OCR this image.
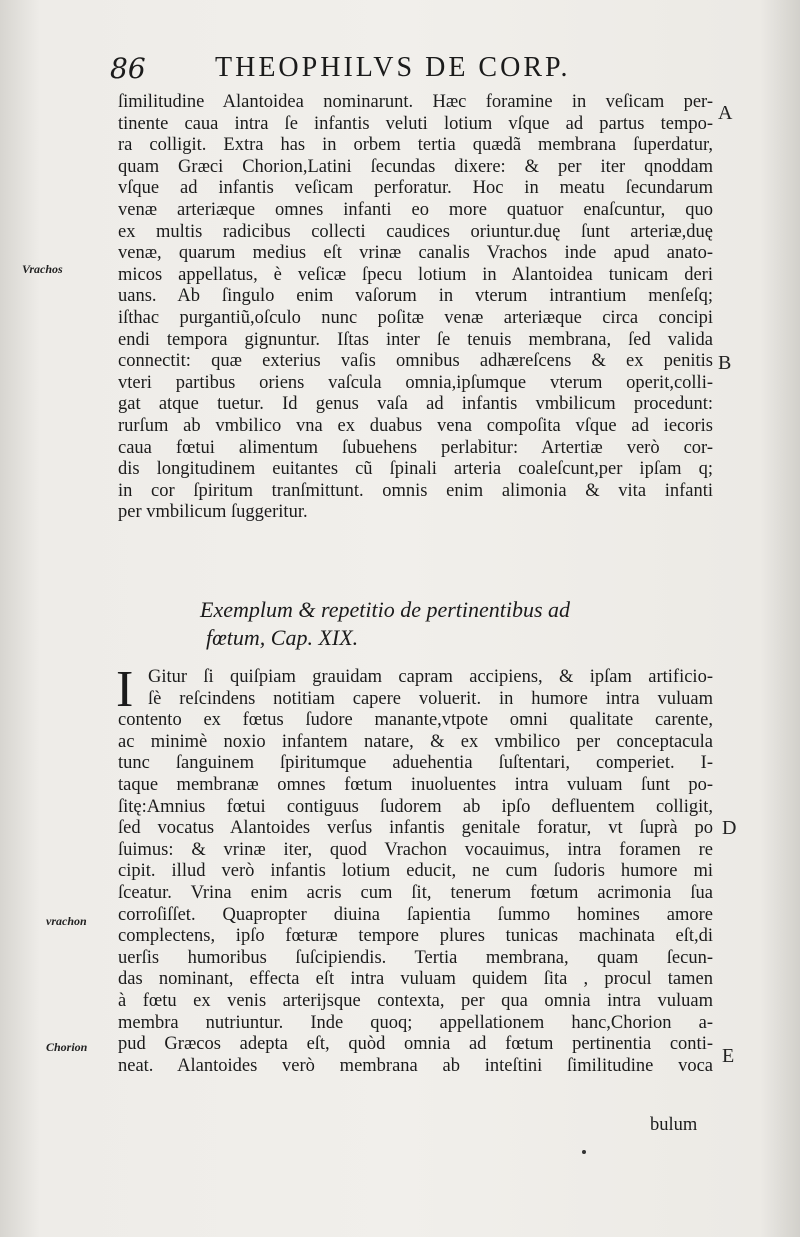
86 THEOPHILVS DE CORP.
ſimilitudine Alantoidea nominarunt. Hæc foramine in veſicam per-
tinente caua intra ſe infantis veluti lotium vſque ad partus tempo-
ra colligit. Extra has in orbem tertia quædã membrana ſuperdatur,
quam Græci Chorion,Latini ſecundas dixere: & per iter qnoddam
vſque ad infantis veſicam perforatur. Hoc in meatu ſecundarum
venæ arteriæque omnes infanti eo more quatuor enaſcuntur, quo
ex multis radicibus collecti caudices oriuntur.duę ſunt arteriæ,duę
venæ, quarum medius eſt vrinæ canalis Vrachos inde apud anato-
micos appellatus, è veſicæ ſpecu lotium in Alantoidea tunicam deri
uans. Ab ſingulo enim vaſorum in vterum intrantium menſeſq;
iſthac purgantiũ,oſculo nunc poſitæ venæ arteriæque circa concipi
endi tempora gignuntur. Iſtas inter ſe tenuis membrana, ſed valida
connectit: quæ exterius vaſis omnibus adhæreſcens & ex penitis
vteri partibus oriens vaſcula omnia,ipſumque vterum operit,colli-
gat atque tuetur. Id genus vaſa ad infantis vmbilicum procedunt:
rurſum ab vmbilico vna ex duabus vena compoſita vſque ad iecoris
caua fœtui alimentum ſubuehens perlabitur: Artertiæ verò cor-
dis longitudinem euitantes cũ ſpinali arteria coaleſcunt,per ipſam q;
in cor ſpiritum tranſmittunt. omnis enim alimonia & vita infanti
per vmbilicum ſuggeritur.
Exemplum & repetitio de pertinentibus ad
fœtum, Cap. XIX.
I Gitur ſi quiſpiam grauidam capram accipiens, & ipſam artificio-
ſè reſcindens notitiam capere voluerit. in humore intra vuluam
contento ex fœtus ſudore manante,vtpote omni qualitate carente,
ac minimè noxio infantem natare, & ex vmbilico per conceptacula
tunc ſanguinem ſpiritumque aduehentia ſuſtentari, comperiet. I-
taque membranæ omnes fœtum inuoluentes intra vuluam ſunt po-
ſitę:Amnius fœtui contiguus ſudorem ab ipſo defluentem colligit,
ſed vocatus Alantoides verſus infantis genitale foratur, vt ſuprà po
ſuimus: & vrinæ iter, quod Vrachon vocauimus, intra foramen re
cipit. illud verò infantis lotium educit, ne cum ſudoris humore mi
ſceatur. Vrina enim acris cum ſit, tenerum fœtum acrimonia ſua
corroſiſſet. Quapropter diuina ſapientia ſummo homines amore
complectens, ipſo fœturæ tempore plures tunicas machinata eſt,di
uerſis humoribus ſuſcipiendis. Tertia membrana, quam ſecun-
das nominant, effecta eſt intra vuluam quidem ſita , procul tamen
à fœtu ex venis arterijsque contexta, per qua omnia intra vuluam
membra nutriuntur. Inde quoq; appellationem hanc,Chorion a-
pud Græcos adepta eſt, quòd omnia ad fœtum pertinentia conti-
neat. Alantoides verò membrana ab inteſtini ſimilitudine voca
bulum
Vrachos
vrachon
Chorion
A
B
D
E
